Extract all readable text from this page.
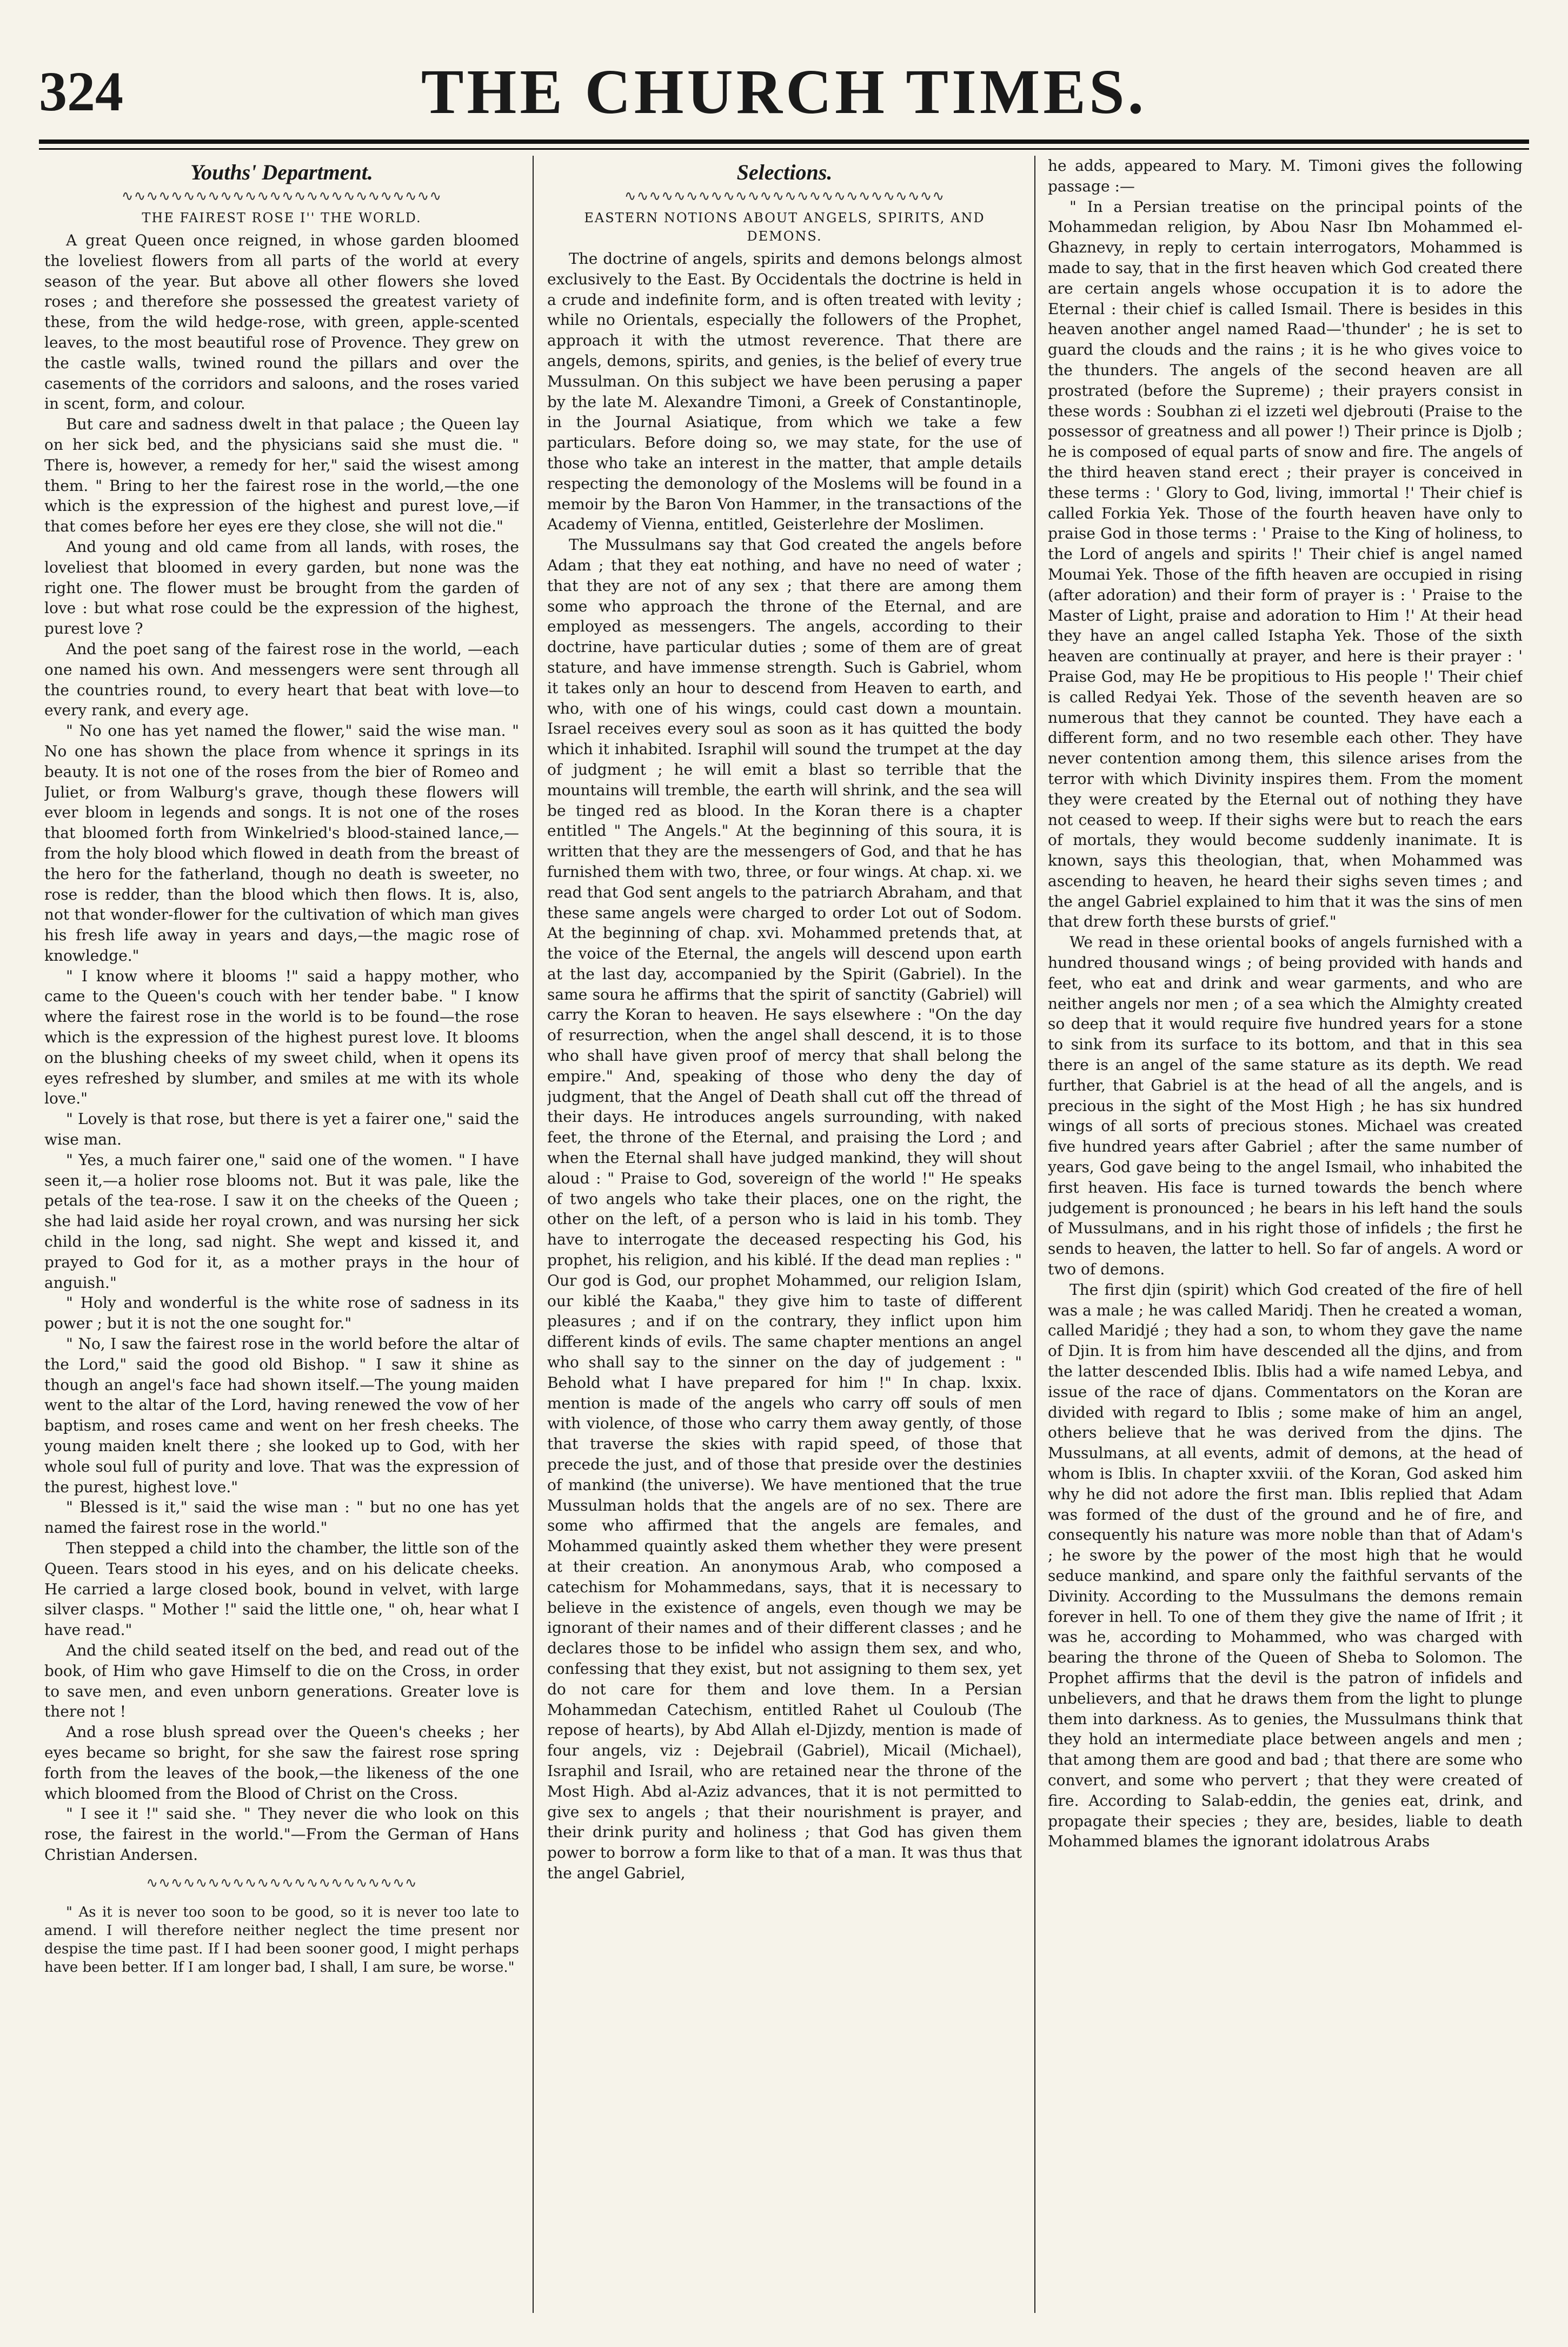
324	THE CHURCH TIMES.
Youths' Department.
∿∿∿∿∿∿∿∿∿∿∿∿∿∿∿∿∿∿∿∿∿∿∿∿∿∿
THE FAIREST ROSE I'' THE WORLD.

A great Queen once reigned, in whose garden bloomed the loveliest flowers from all parts of the world at every season of the year. But above all other flowers she loved roses ; and therefore she possessed the greatest variety of these, from the wild hedge-rose, with green, apple-scented leaves, to the most beautiful rose of Provence. They grew on the castle walls, twined round the pillars and over the casements of the corridors and saloons, and the roses varied in scent, form, and colour.

But care and sadness dwelt in that palace ; the Queen lay on her sick bed, and the physicians said she must die. " There is, however, a remedy for her," said the wisest among them. " Bring to her the fairest rose in the world,—the one which is the expression of the highest and purest love,—if that comes before her eyes ere they close, she will not die."

And young and old came from all lands, with roses, the loveliest that bloomed in every garden, but none was the right one. The flower must be brought from the garden of love : but what rose could be the expression of the highest, purest love ?

And the poet sang of the fairest rose in the world, —each one named his own. And messengers were sent through all the countries round, to every heart that beat with love—to every rank, and every age.

" No one has yet named the flower," said the wise man. " No one has shown the place from whence it springs in its beauty. It is not one of the roses from the bier of Romeo and Juliet, or from Walburg's grave, though these flowers will ever bloom in legends and songs. It is not one of the roses that bloomed forth from Winkelried's blood-stained lance,—from the holy blood which flowed in death from the breast of the hero for the fatherland, though no death is sweeter, no rose is redder, than the blood which then flows. It is, also, not that wonder-flower for the cultivation of which man gives his fresh life away in years and days,—the magic rose of knowledge."

" I know where it blooms !" said a happy mother, who came to the Queen's couch with her tender babe. " I know where the fairest rose in the world is to be found—the rose which is the expression of the highest purest love. It blooms on the blushing cheeks of my sweet child, when it opens its eyes refreshed by slumber, and smiles at me with its whole love."

" Lovely is that rose, but there is yet a fairer one," said the wise man.

" Yes, a much fairer one," said one of the women. " I have seen it,—a holier rose blooms not. But it was pale, like the petals of the tea-rose. I saw it on the cheeks of the Queen ; she had laid aside her royal crown, and was nursing her sick child in the long, sad night. She wept and kissed it, and prayed to God for it, as a mother prays in the hour of anguish."

" Holy and wonderful is the white rose of sadness in its power ; but it is not the one sought for."

" No, I saw the fairest rose in the world before the altar of the Lord," said the good old Bishop. " I saw it shine as though an angel's face had shown itself.—The young maiden went to the altar of the Lord, having renewed the vow of her baptism, and roses came and went on her fresh cheeks. The young maiden knelt there ; she looked up to God, with her whole soul full of purity and love. That was the expression of the purest, highest love."

" Blessed is it," said the wise man : " but no one has yet named the fairest rose in the world."

Then stepped a child into the chamber, the little son of the Queen. Tears stood in his eyes, and on his delicate cheeks. He carried a large closed book, bound in velvet, with large silver clasps. " Mother !" said the little one, " oh, hear what I have read."

And the child seated itself on the bed, and read out of the book, of Him who gave Himself to die on the Cross, in order to save men, and even unborn generations. Greater love is there not !

And a rose blush spread over the Queen's cheeks ; her eyes became so bright, for she saw the fairest rose spring forth from the leaves of the book,—the likeness of the one which bloomed from the Blood of Christ on the Cross.

" I see it !" said she. " They never die who look on this rose, the fairest in the world."—From the German of Hans Christian Andersen.

∿∿∿∿∿∿∿∿∿∿∿∿∿∿∿∿∿∿∿∿∿∿

" As it is never too soon to be good, so it is never too late to amend. I will therefore neither neglect the time present nor despise the time past. If I had been sooner good, I might perhaps have been better. If I am longer bad, I shall, I am sure, be worse."

Selections.
∿∿∿∿∿∿∿∿∿∿∿∿∿∿∿∿∿∿∿∿∿∿∿∿∿∿
EASTERN NOTIONS ABOUT ANGELS, SPIRITS, AND DEMONS.

The doctrine of angels, spirits and demons belongs almost exclusively to the East. By Occidentals the doctrine is held in a crude and indefinite form, and is often treated with levity ; while no Orientals, especially the followers of the Prophet, approach it with the utmost reverence. That there are angels, demons, spirits, and genies, is the belief of every true Mussulman. On this subject we have been perusing a paper by the late M. Alexandre Timoni, a Greek of Constantinople, in the Journal Asiatique, from which we take a few particulars. Before doing so, we may state, for the use of those who take an interest in the matter, that ample details respecting the demonology of the Moslems will be found in a memoir by the Baron Von Hammer, in the transactions of the Academy of Vienna, entitled, Geisterlehre der Moslimen.

The Mussulmans say that God created the angels before Adam ; that they eat nothing, and have no need of water ; that they are not of any sex ; that there are among them some who approach the throne of the Eternal, and are employed as messengers. The angels, according to their doctrine, have particular duties ; some of them are of great stature, and have immense strength. Such is Gabriel, whom it takes only an hour to descend from Heaven to earth, and who, with one of his wings, could cast down a mountain. Israel receives every soul as soon as it has quitted the body which it inhabited. Israphil will sound the trumpet at the day of judgment ; he will emit a blast so terrible that the mountains will tremble, the earth will shrink, and the sea will be tinged red as blood. In the Koran there is a chapter entitled " The Angels." At the beginning of this soura, it is written that they are the messengers of God, and that he has furnished them with two, three, or four wings. At chap. xi. we read that God sent angels to the patriarch Abraham, and that these same angels were charged to order Lot out of Sodom. At the beginning of chap. xvi. Mohammed pretends that, at the voice of the Eternal, the angels will descend upon earth at the last day, accompanied by the Spirit (Gabriel). In the same soura he affirms that the spirit of sanctity (Gabriel) will carry the Koran to heaven. He says elsewhere : "On the day of resurrection, when the angel shall descend, it is to those who shall have given proof of mercy that shall belong the empire." And, speaking of those who deny the day of judgment, that the Angel of Death shall cut off the thread of their days. He introduces angels surrounding, with naked feet, the throne of the Eternal, and praising the Lord ; and when the Eternal shall have judged mankind, they will shout aloud : " Praise to God, sovereign of the world !" He speaks of two angels who take their places, one on the right, the other on the left, of a person who is laid in his tomb. They have to interrogate the deceased respecting his God, his prophet, his religion, and his kiblé. If the dead man replies : " Our god is God, our prophet Mohammed, our religion Islam, our kiblé the Kaaba," they give him to taste of different pleasures ; and if on the contrary, they inflict upon him different kinds of evils. The same chapter mentions an angel who shall say to the sinner on the day of judgement : " Behold what I have prepared for him !" In chap. lxxix. mention is made of the angels who carry off souls of men with violence, of those who carry them away gently, of those that traverse the skies with rapid speed, of those that precede the just, and of those that preside over the destinies of mankind (the universe). We have mentioned that the true Mussulman holds that the angels are of no sex. There are some who affirmed that the angels are females, and Mohammed quaintly asked them whether they were present at their creation. An anonymous Arab, who composed a catechism for Mohammedans, says, that it is necessary to believe in the existence of angels, even though we may be ignorant of their names and of their different classes ; and he declares those to be infidel who assign them sex, and who, confessing that they exist, but not assigning to them sex, yet do not care for them and love them. In a Persian Mohammedan Catechism, entitled Rahet ul Couloub (The repose of hearts), by Abd Allah el-Djizdy, mention is made of four angels, viz : Dejebrail (Gabriel), Micail (Michael), Israphil and Israil, who are retained near the throne of the Most High. Abd al-Aziz advances, that it is not permitted to give sex to angels ; that their nourishment is prayer, and their drink purity and holiness ; that God has given them power to borrow a form like to that of a man. It was thus that the angel Gabriel,

he adds, appeared to Mary. M. Timoni gives the following passage :—

" In a Persian treatise on the principal points of the Mohammedan religion, by Abou Nasr Ibn Mohammed el-Ghaznevy, in reply to certain interrogators, Mohammed is made to say, that in the first heaven which God created there are certain angels whose occupation it is to adore the Eternal : their chief is called Ismail. There is besides in this heaven another angel named Raad—'thunder' ; he is set to guard the clouds and the rains ; it is he who gives voice to the thunders. The angels of the second heaven are all prostrated (before the Supreme) ; their prayers consist in these words : Soubhan zi el izzeti wel djebrouti (Praise to the possessor of greatness and all power !) Their prince is Djolb ; he is composed of equal parts of snow and fire. The angels of the third heaven stand erect ; their prayer is conceived in these terms : ' Glory to God, living, immortal !' Their chief is called Forkia Yek. Those of the fourth heaven have only to praise God in those terms : ' Praise to the King of holiness, to the Lord of angels and spirits !' Their chief is angel named Moumai Yek. Those of the fifth heaven are occupied in rising (after adoration) and their form of prayer is : ' Praise to the Master of Light, praise and adoration to Him !' At their head they have an angel called Istapha Yek. Those of the sixth heaven are continually at prayer, and here is their prayer : ' Praise God, may He be propitious to His people !' Their chief is called Redyai Yek. Those of the seventh heaven are so numerous that they cannot be counted. They have each a different form, and no two resemble each other. They have never contention among them, this silence arises from the terror with which Divinity inspires them. From the moment they were created by the Eternal out of nothing they have not ceased to weep. If their sighs were but to reach the ears of mortals, they would become suddenly inanimate. It is known, says this theologian, that, when Mohammed was ascending to heaven, he heard their sighs seven times ; and the angel Gabriel explained to him that it was the sins of men that drew forth these bursts of grief."

We read in these oriental books of angels furnished with a hundred thousand wings ; of being provided with hands and feet, who eat and drink and wear garments, and who are neither angels nor men ; of a sea which the Almighty created so deep that it would require five hundred years for a stone to sink from its surface to its bottom, and that in this sea there is an angel of the same stature as its depth. We read further, that Gabriel is at the head of all the angels, and is precious in the sight of the Most High ; he has six hundred wings of all sorts of precious stones. Michael was created five hundred years after Gabriel ; after the same number of years, God gave being to the angel Ismail, who inhabited the first heaven. His face is turned towards the bench where judgement is pronounced ; he bears in his left hand the souls of Mussulmans, and in his right those of infidels ; the first he sends to heaven, the latter to hell. So far of angels. A word or two of demons.

The first djin (spirit) which God created of the fire of hell was a male ; he was called Maridj. Then he created a woman, called Maridjé ; they had a son, to whom they gave the name of Djin. It is from him have descended all the djins, and from the latter descended Iblis. Iblis had a wife named Lebya, and issue of the race of djans. Commentators on the Koran are divided with regard to Iblis ; some make of him an angel, others believe that he was derived from the djins. The Mussulmans, at all events, admit of demons, at the head of whom is Iblis. In chapter xxviii. of the Koran, God asked him why he did not adore the first man. Iblis replied that Adam was formed of the dust of the ground and he of fire, and consequently his nature was more noble than that of Adam's ; he swore by the power of the most high that he would seduce mankind, and spare only the faithful servants of the Divinity. According to the Mussulmans the demons remain forever in hell. To one of them they give the name of Ifrit ; it was he, according to Mohammed, who was charged with bearing the throne of the Queen of Sheba to Solomon. The Prophet affirms that the devil is the patron of infidels and unbelievers, and that he draws them from the light to plunge them into darkness. As to genies, the Mussulmans think that they hold an intermediate place between angels and men ; that among them are good and bad ; that there are some who convert, and some who pervert ; that they were created of fire. According to Salab-eddin, the genies eat, drink, and propagate their species ; they are, besides, liable to death Mohammed blames the ignorant idolatrous Arabs
